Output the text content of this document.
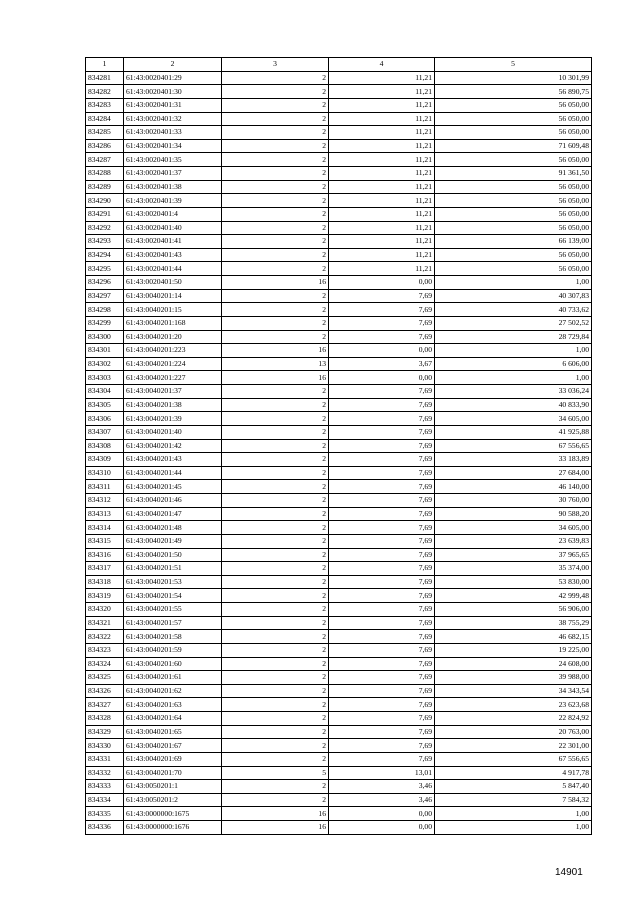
1	2	3	4	5
834281	61:43:0020401:29	2	11,21	10 301,99
834282	61:43:0020401:30	2	11,21	56 890,75
834283	61:43:0020401:31	2	11,21	56 050,00
834284	61:43:0020401:32	2	11,21	56 050,00
834285	61:43:0020401:33	2	11,21	56 050,00
834286	61:43:0020401:34	2	11,21	71 609,48
834287	61:43:0020401:35	2	11,21	56 050,00
834288	61:43:0020401:37	2	11,21	91 361,50
834289	61:43:0020401:38	2	11,21	56 050,00
834290	61:43:0020401:39	2	11,21	56 050,00
834291	61:43:0020401:4	2	11,21	56 050,00
834292	61:43:0020401:40	2	11,21	56 050,00
834293	61:43:0020401:41	2	11,21	66 139,00
834294	61:43:0020401:43	2	11,21	56 050,00
834295	61:43:0020401:44	2	11,21	56 050,00
834296	61:43:0020401:50	16	0,00	1,00
834297	61:43:0040201:14	2	7,69	40 307,83
834298	61:43:0040201:15	2	7,69	40 733,62
834299	61:43:0040201:168	2	7,69	27 502,52
834300	61:43:0040201:20	2	7,69	28 729,84
834301	61:43:0040201:223	16	0,00	1,00
834302	61:43:0040201:224	13	3,67	6 606,00
834303	61:43:0040201:227	16	0,00	1,00
834304	61:43:0040201:37	2	7,69	33 036,24
834305	61:43:0040201:38	2	7,69	40 833,90
834306	61:43:0040201:39	2	7,69	34 605,00
834307	61:43:0040201:40	2	7,69	41 925,88
834308	61:43:0040201:42	2	7,69	67 556,65
834309	61:43:0040201:43	2	7,69	33 183,89
834310	61:43:0040201:44	2	7,69	27 684,00
834311	61:43:0040201:45	2	7,69	46 140,00
834312	61:43:0040201:46	2	7,69	30 760,00
834313	61:43:0040201:47	2	7,69	90 588,20
834314	61:43:0040201:48	2	7,69	34 605,00
834315	61:43:0040201:49	2	7,69	23 639,83
834316	61:43:0040201:50	2	7,69	37 965,65
834317	61:43:0040201:51	2	7,69	35 374,00
834318	61:43:0040201:53	2	7,69	53 830,00
834319	61:43:0040201:54	2	7,69	42 999,48
834320	61:43:0040201:55	2	7,69	56 906,00
834321	61:43:0040201:57	2	7,69	38 755,29
834322	61:43:0040201:58	2	7,69	46 682,15
834323	61:43:0040201:59	2	7,69	19 225,00
834324	61:43:0040201:60	2	7,69	24 608,00
834325	61:43:0040201:61	2	7,69	39 988,00
834326	61:43:0040201:62	2	7,69	34 343,54
834327	61:43:0040201:63	2	7,69	23 623,68
834328	61:43:0040201:64	2	7,69	22 824,92
834329	61:43:0040201:65	2	7,69	20 763,00
834330	61:43:0040201:67	2	7,69	22 301,00
834331	61:43:0040201:69	2	7,69	67 556,65
834332	61:43:0040201:70	5	13,01	4 917,78
834333	61:43:0050201:1	2	3,46	5 847,40
834334	61:43:0050201:2	2	3,46	7 584,32
834335	61:43:0000000:1675	16	0,00	1,00
834336	61:43:0000000:1676	16	0,00	1,00
14901
